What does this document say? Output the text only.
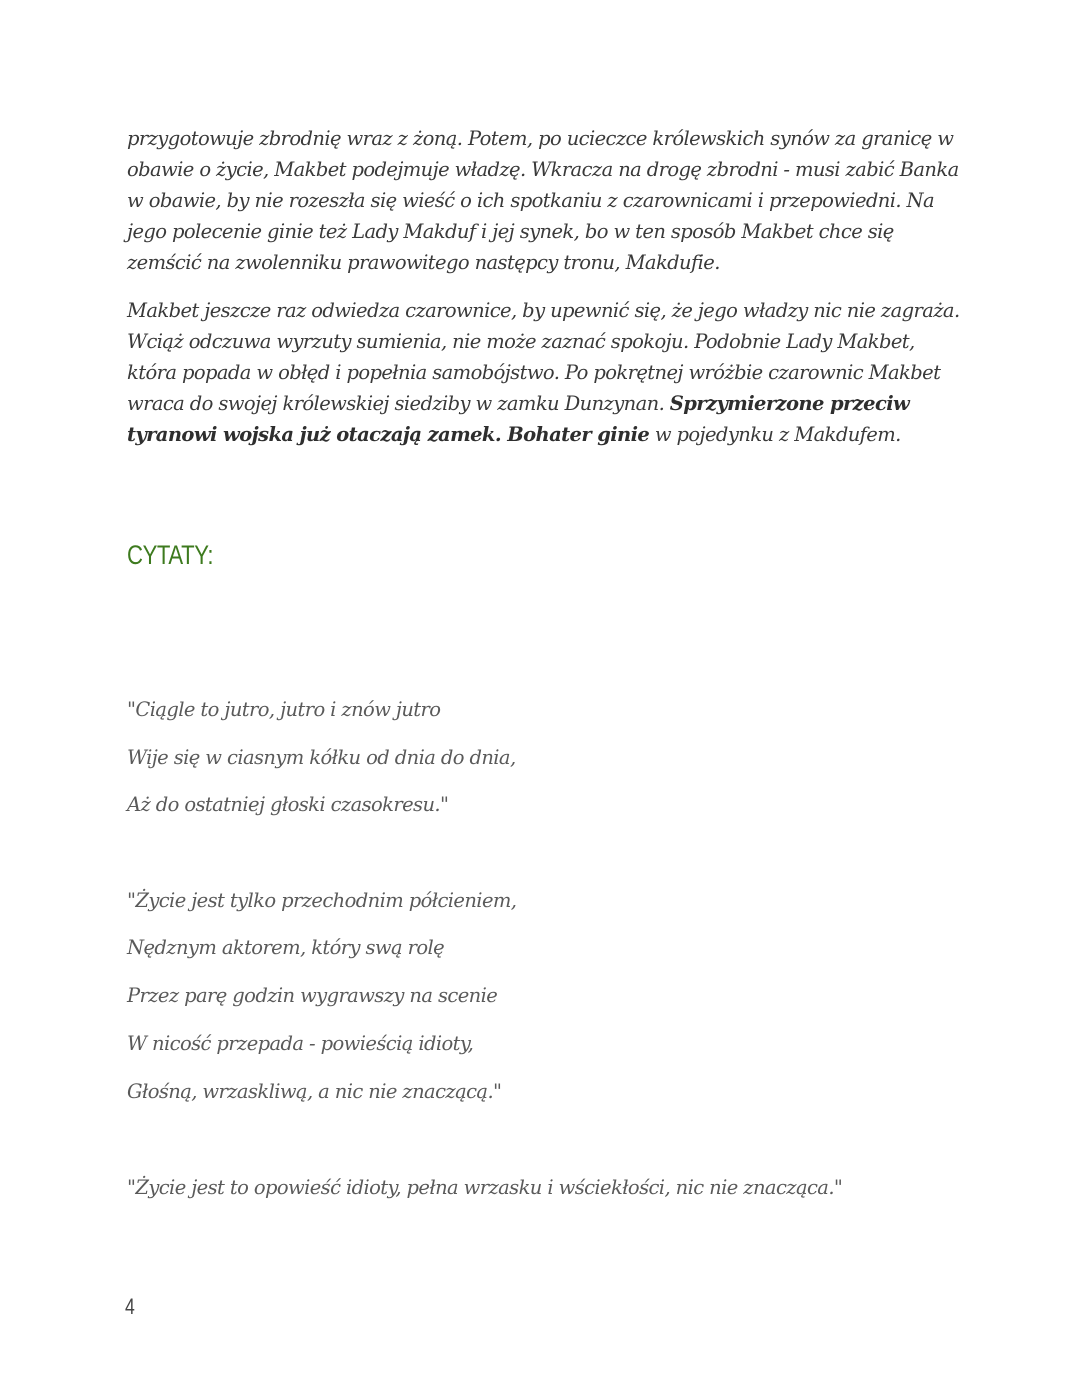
przygotowuje zbrodnię wraz z żoną. Potem, po ucieczce królewskich synów za granicę w obawie o życie, Makbet podejmuje władzę. Wkracza na drogę zbrodni - musi zabić Banka w obawie, by nie rozeszła się wieść o ich spotkaniu z czarownicami i przepowiedni. Na jego polecenie ginie też Lady Makduf i jej synek, bo w ten sposób Makbet chce się zemścić na zwolenniku prawowitego następcy tronu, Makdufie.

Makbet jeszcze raz odwiedza czarownice, by upewnić się, że jego władzy nic nie zagraża. Wciąż odczuwa wyrzuty sumienia, nie może zaznać spokoju. Podobnie Lady Makbet, która popada w obłęd i popełnia samobójstwo. Po pokrętnej wróżbie czarownic Makbet wraca do swojej królewskiej siedziby w zamku Dunzynan. Sprzymierzone przeciw tyranowi wojska już otaczają zamek. Bohater ginie w pojedynku z Makdufem.

CYTATY:

"Ciągle to jutro, jutro i znów jutro

Wije się w ciasnym kółku od dnia do dnia,

Aż do ostatniej głoski czasokresu."

"Życie jest tylko przechodnim półcieniem,

Nędznym aktorem, który swą rolę

Przez parę godzin wygrawszy na scenie

W nicość przepada - powieścią idioty,

Głośną, wrzaskliwą, a nic nie znaczącą."

"Życie jest to opowieść idioty, pełna wrzasku i wściekłości, nic nie znacząca."

4
